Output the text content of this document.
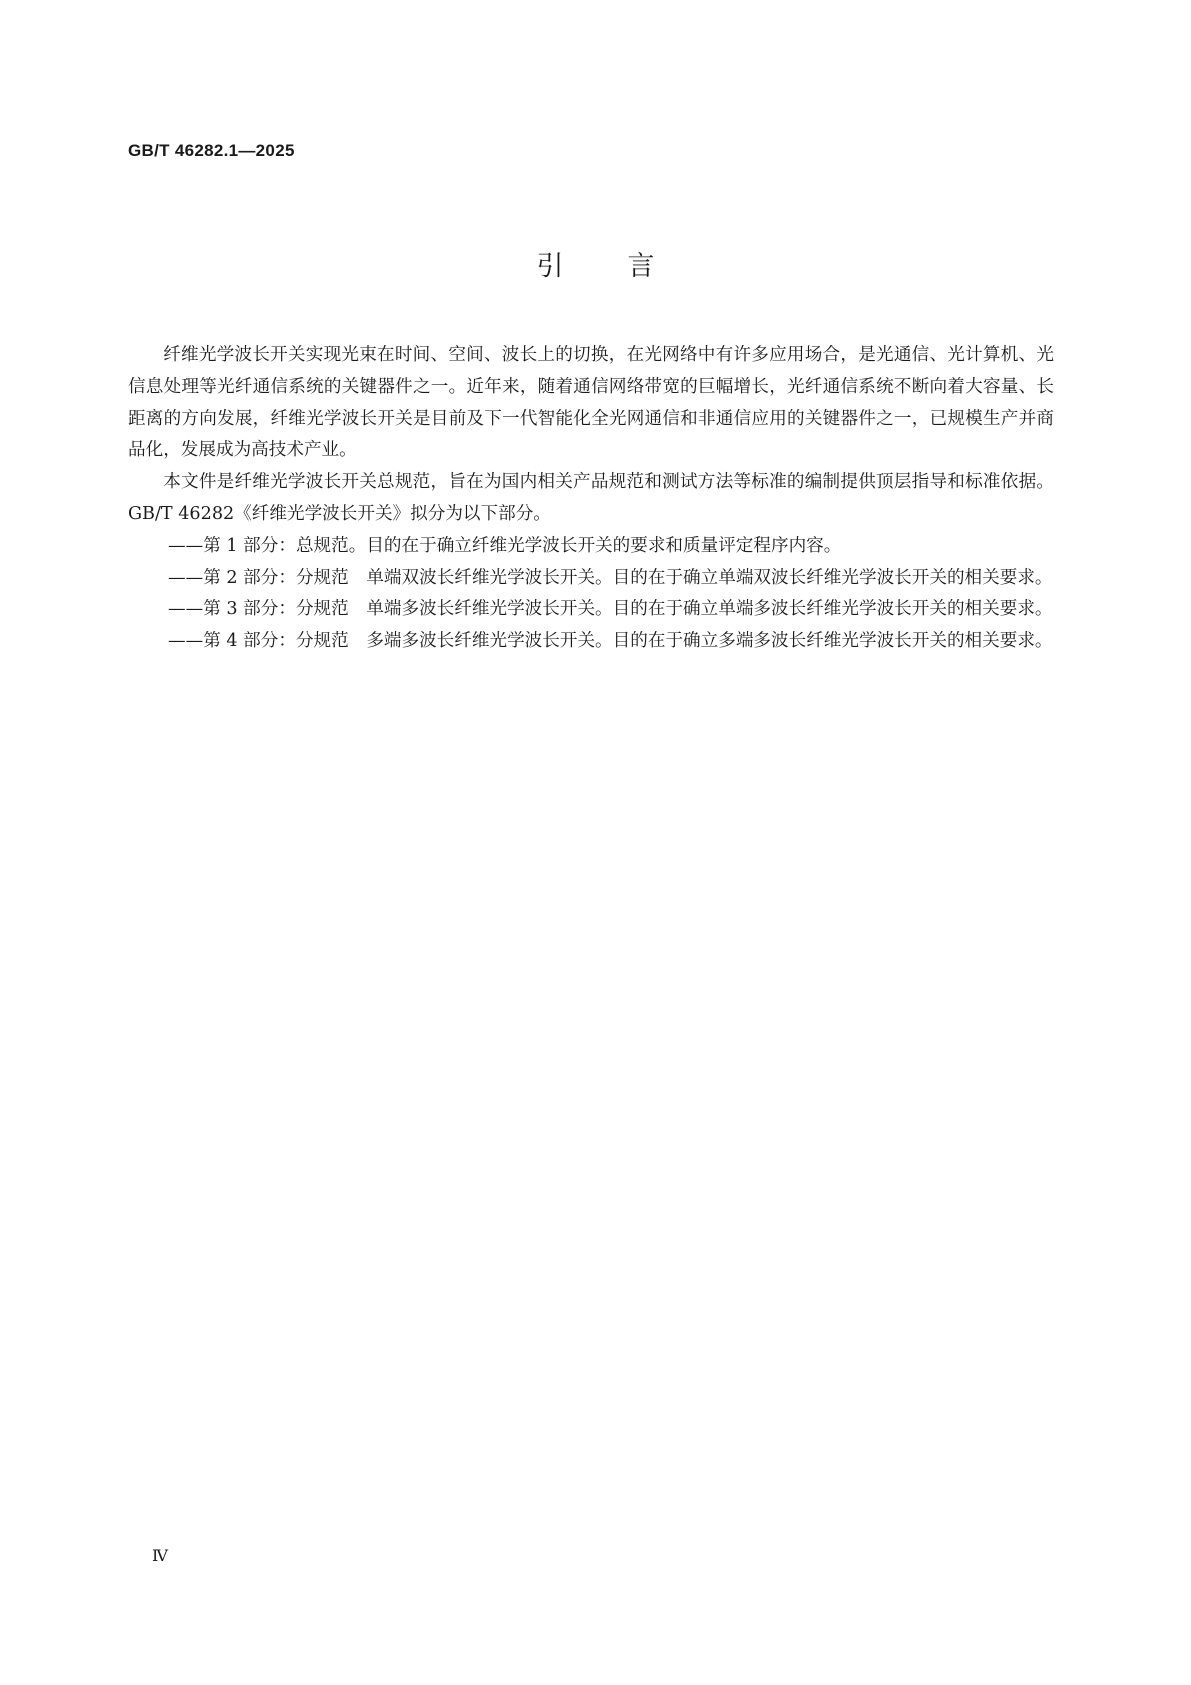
GB/T 46282.1—2025
引言

纤维光学波长开关实现光束在时间、空间、波长上的切换，在光网络中有许多应用场合，是光通信、光计算机、光信息处理等光纤通信系统的关键器件之一。近年来，随着通信网络带宽的巨幅增长，光纤通信系统不断向着大容量、长距离的方向发展，纤维光学波长开关是目前及下一代智能化全光网通信和非通信应用的关键器件之一，已规模生产并商品化，发展成为高技术产业。

本文件是纤维光学波长开关总规范，旨在为国内相关产品规范和测试方法等标准的编制提供顶层指导和标准依据。GB/T 46282《纤维光学波长开关》拟分为以下部分。

——第 1 部分：总规范。目的在于确立纤维光学波长开关的要求和质量评定程序内容。

——第 2 部分：分规范 单端双波长纤维光学波长开关。目的在于确立单端双波长纤维光学波长开关的相关要求。

——第 3 部分：分规范 单端多波长纤维光学波长开关。目的在于确立单端多波长纤维光学波长开关的相关要求。

——第 4 部分：分规范 多端多波长纤维光学波长开关。目的在于确立多端多波长纤维光学波长开关的相关要求。

Ⅳ
